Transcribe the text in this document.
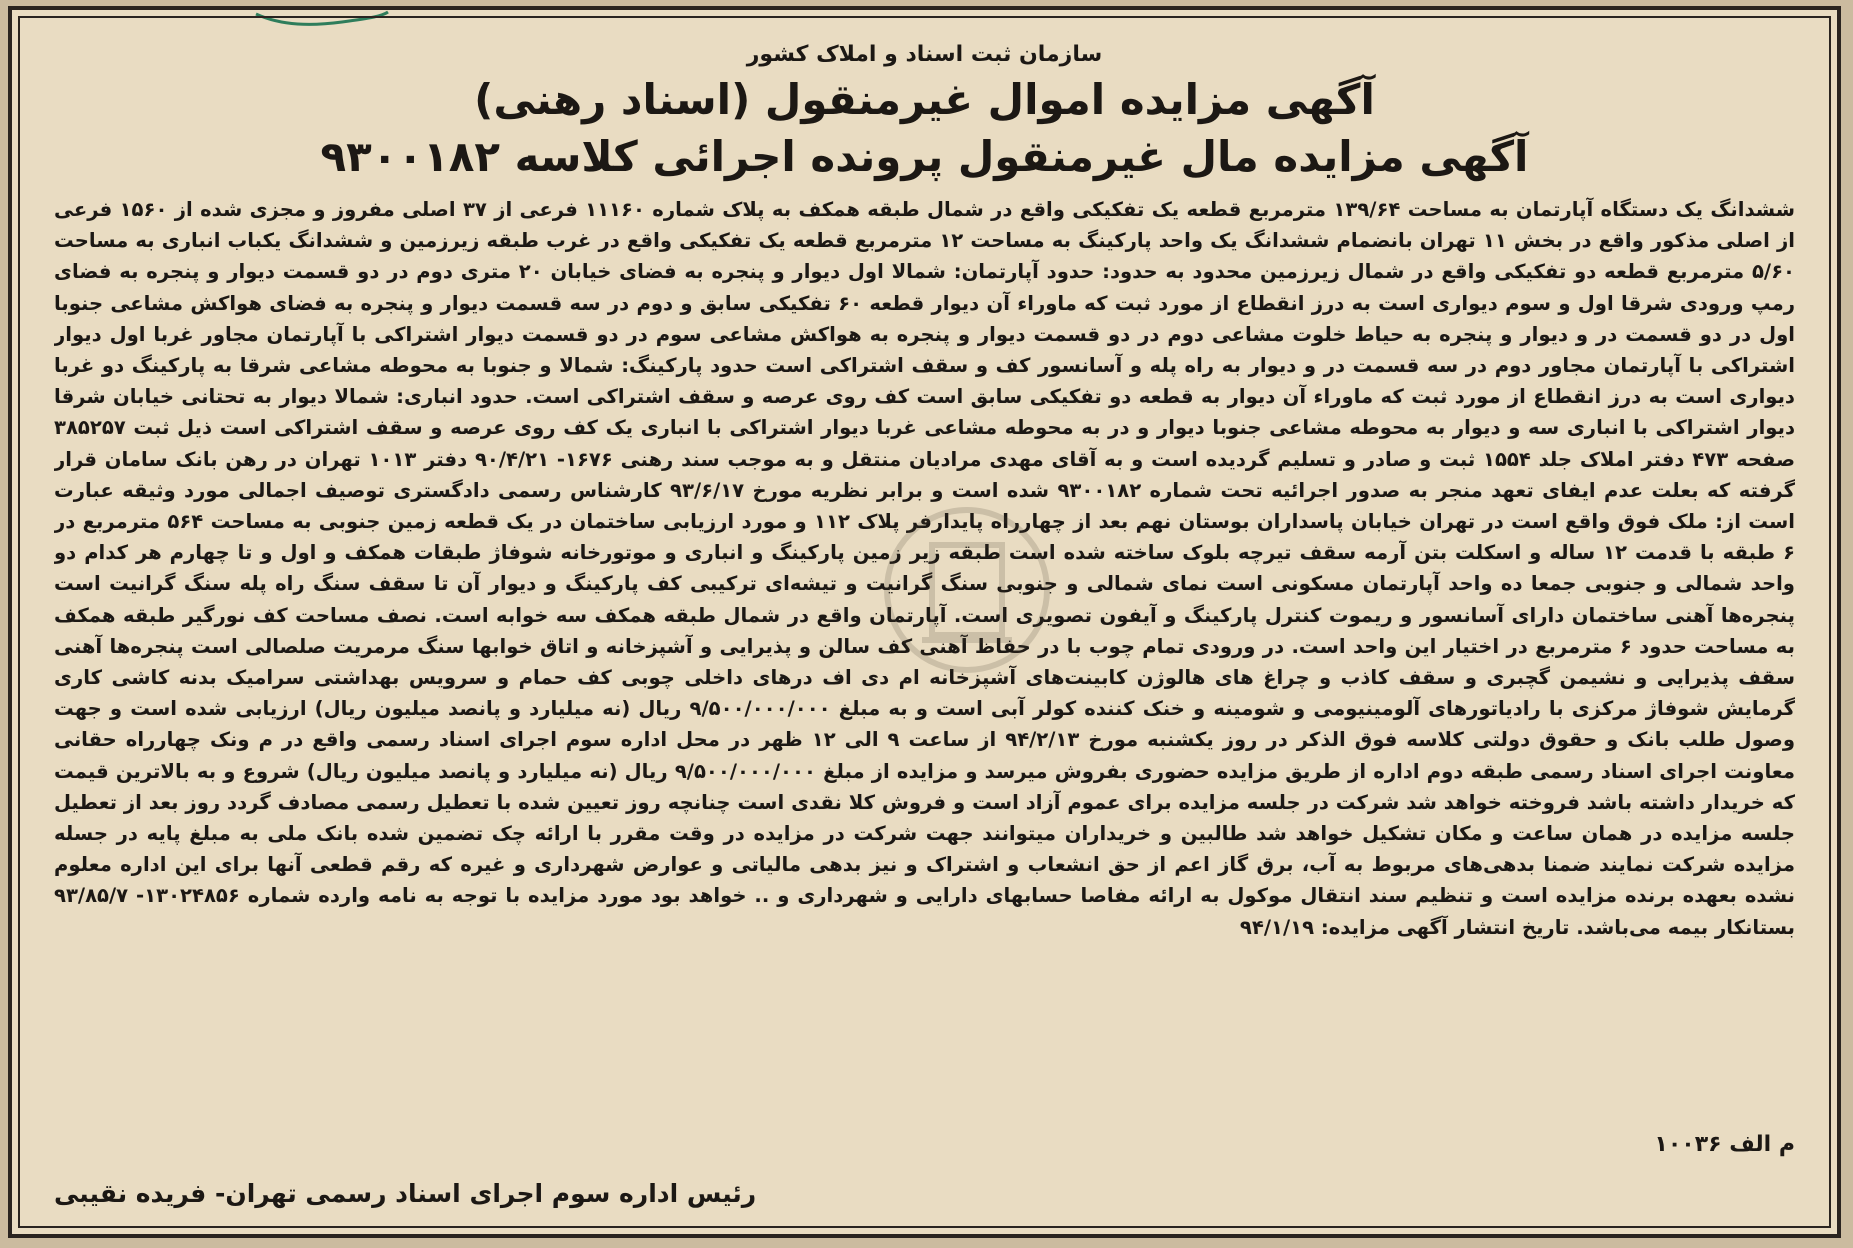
سازمان ثبت اسناد و املاک کشور
آگهی مزایده اموال غیرمنقول (اسناد رهنی)
آگهی مزایده مال غیرمنقول پرونده اجرائی کلاسه ۹۳۰۰۱۸۲
ششدانگ یک دستگاه آپارتمان به مساحت ۱۳۹/۶۴ مترمربع قطعه یک تفکیکی واقع در شمال طبقه همکف به پلاک شماره ۱۱۱۶۰ فرعی از ۳۷ اصلی مفروز و مجزی شده از ۱۵۶۰ فرعی از اصلی مذکور واقع در بخش ۱۱ تهران بانضمام ششدانگ یک واحد پارکینگ به مساحت ۱۲ مترمربع قطعه یک تفکیکی واقع در غرب طبقه زیرزمین و ششدانگ یکباب انباری به مساحت ۵/۶۰ مترمربع قطعه دو تفکیکی واقع در شمال زیرزمین محدود به حدود: حدود آپارتمان: شمالا اول دیوار و پنجره به فضای خیابان ۲۰ متری دوم در دو قسمت دیوار و پنجره به فضای رمپ ورودی شرقا اول و سوم دیواری است به درز انقطاع از مورد ثبت که ماوراء آن دیوار قطعه ۶۰ تفکیکی سابق و دوم در سه قسمت دیوار و پنجره به فضای هواکش مشاعی جنوبا اول در دو قسمت در و دیوار و پنجره به حیاط خلوت مشاعی دوم در دو قسمت دیوار و پنجره به هواکش مشاعی سوم در دو قسمت دیوار اشتراکی با آپارتمان مجاور غربا اول دیوار اشتراکی با آپارتمان مجاور دوم در سه قسمت در و دیوار به راه پله و آسانسور کف و سقف اشتراکی است حدود پارکینگ: شمالا و جنوبا به محوطه مشاعی شرقا به پارکینگ دو غربا دیواری است به درز انقطاع از مورد ثبت که ماوراء آن دیوار به قطعه دو تفکیکی سابق است کف روی عرصه و سقف اشتراکی است. حدود انباری: شمالا دیوار به تحتانی خیابان شرقا دیوار اشتراکی با انباری سه و دیوار به محوطه مشاعی جنوبا دیوار و در به محوطه مشاعی غربا دیوار اشتراکی با انباری یک کف روی عرصه و سقف اشتراکی است ذیل ثبت ۳۸۵۲۵۷ صفحه ۴۷۳ دفتر املاک جلد ۱۵۵۴ ثبت و صادر و تسلیم گردیده است و به آقای مهدی مرادیان منتقل و به موجب سند رهنی ۱۶۷۶- ۹۰/۴/۲۱ دفتر ۱۰۱۳ تهران در رهن بانک سامان قرار گرفته که بعلت عدم ایفای تعهد منجر به صدور اجرائیه تحت شماره ۹۳۰۰۱۸۲ شده است و برابر نظریه مورخ ۹۳/۶/۱۷ کارشناس رسمی دادگستری توصیف اجمالی مورد وثیقه عبارت است از: ملک فوق واقع است در تهران خیابان پاسداران بوستان نهم بعد از چهارراه پایدارفر پلاک ۱۱۲ و مورد ارزیابی ساختمان در یک قطعه زمین جنوبی به مساحت ۵۶۴ مترمربع در ۶ طبقه با قدمت ۱۲ ساله و اسکلت بتن آرمه سقف تیرچه بلوک ساخته شده است طبقه زیر زمین پارکینگ و انباری و موتورخانه شوفاژ طبقات همکف و اول و تا چهارم هر کدام دو واحد شمالی و جنوبی جمعا ده واحد آپارتمان مسکونی است نمای شمالی و جنوبی سنگ گرانیت و تیشه‌ای ترکیبی کف پارکینگ و دیوار آن تا سقف سنگ راه پله سنگ گرانیت است پنجره‌ها آهنی ساختمان دارای آسانسور و ریموت کنترل پارکینگ و آیفون تصویری است. آپارتمان واقع در شمال طبقه همکف سه خوابه است. نصف مساحت کف نورگیر طبقه همکف به مساحت حدود ۶ مترمربع در اختیار این واحد است. در ورودی تمام چوب با در حفاظ آهنی کف سالن و پذیرایی و آشپزخانه و اتاق خوابها سنگ مرمریت صلصالی است پنجره‌ها آهنی سقف پذیرایی و نشیمن گچبری و سقف کاذب و چراغ های هالوژن کابینت‌های آشپزخانه ام دی اف درهای داخلی چوبی کف حمام و سرویس بهداشتی سرامیک بدنه کاشی کاری گرمایش شوفاژ مرکزی با رادیاتورهای آلومینیومی و شومینه و خنک کننده کولر آبی است و به مبلغ ۹/۵۰۰/۰۰۰/۰۰۰ ریال (نه میلیارد و پانصد میلیون ریال) ارزیابی شده است و جهت وصول طلب بانک و حقوق دولتی کلاسه فوق الذکر در روز یکشنبه مورخ ۹۴/۲/۱۳ از ساعت ۹ الی ۱۲ ظهر در محل اداره سوم اجرای اسناد رسمی واقع در م ونک چهارراه حقانی معاونت اجرای اسناد رسمی طبقه دوم اداره از طریق مزایده حضوری بفروش میرسد و مزایده از مبلغ ۹/۵۰۰/۰۰۰/۰۰۰ ریال (نه میلیارد و پانصد میلیون ریال) شروع و به بالاترین قیمت که خریدار داشته باشد فروخته خواهد شد شرکت در جلسه مزایده برای عموم آزاد است و فروش کلا نقدی است چنانچه روز تعیین شده با تعطیل رسمی مصادف گردد روز بعد از تعطیل جلسه مزایده در همان ساعت و مکان تشکیل خواهد شد طالبین و خریداران میتوانند جهت شرکت در مزایده در وقت مقرر با ارائه چک تضمین شده بانک ملی به مبلغ پایه در جسله مزایده شرکت نمایند ضمنا بدهی‌های مربوط به آب، برق گاز اعم از حق انشعاب و اشتراک و نیز بدهی مالیاتی و عوارض شهرداری و غیره که رقم قطعی آنها برای این اداره معلوم نشده بعهده برنده مزایده است و تنظیم سند انتقال موکول به ارائه مفاصا حسابهای دارایی و شهرداری و .. خواهد بود مورد مزایده با توجه به نامه وارده شماره ۱۳۰۲۴۸۵۶- ۹۳/۸۵/۷ بستانکار بیمه می‌باشد. تاریخ انتشار آگهی مزایده: ۹۴/۱/۱۹
م الف ۱۰۰۳۶
رئیس اداره سوم اجرای اسناد رسمی تهران- فریده نقیبی
